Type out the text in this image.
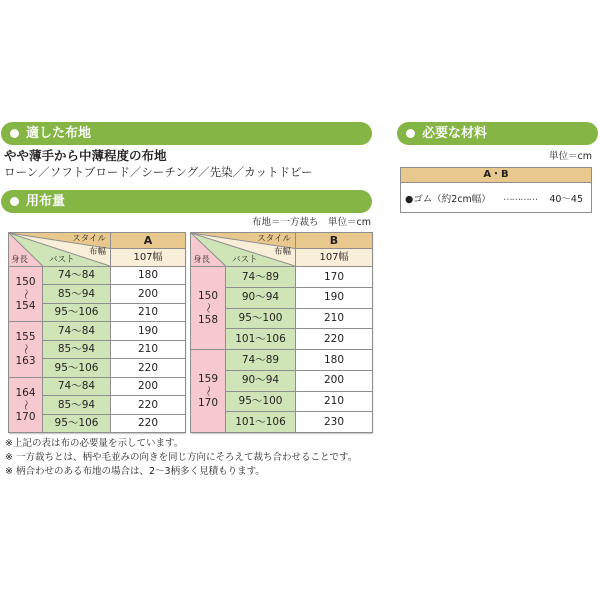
適した布地
やや薄手から中薄程度の布地
ローン／ソフトブロード／シーチング／先染／カットドビー
用布量
布地＝一方裁ち　単位＝cm
スタイル
布幅
バスト
身長		A
		107幅

150
～
154	74～84	180
	85～94	200
	95～106	210

155
～
163	74～84	190
	85～94	210
	95～106	220

164
～
170	74～84	200
	85～94	220
	95～106	220
スタイル
布幅
バスト
身長		B
		107幅

150
～
158	74～89	170
	90～94	190
	95～100	210
	101～106	220

159
～
170	74～89	180
	90～94	200
	95～100	210
	101～106	230
※上記の表は布の必要量を示しています。
※ 一方裁ちとは、柄や毛並みの向きを同じ方向にそろえて裁ち合わせることです。
※ 柄合わせのある布地の場合は、2～3柄多く見積もります。
必要な材料
単位＝cm
A・B
●ゴム（約2cm幅）	…………	40～45
